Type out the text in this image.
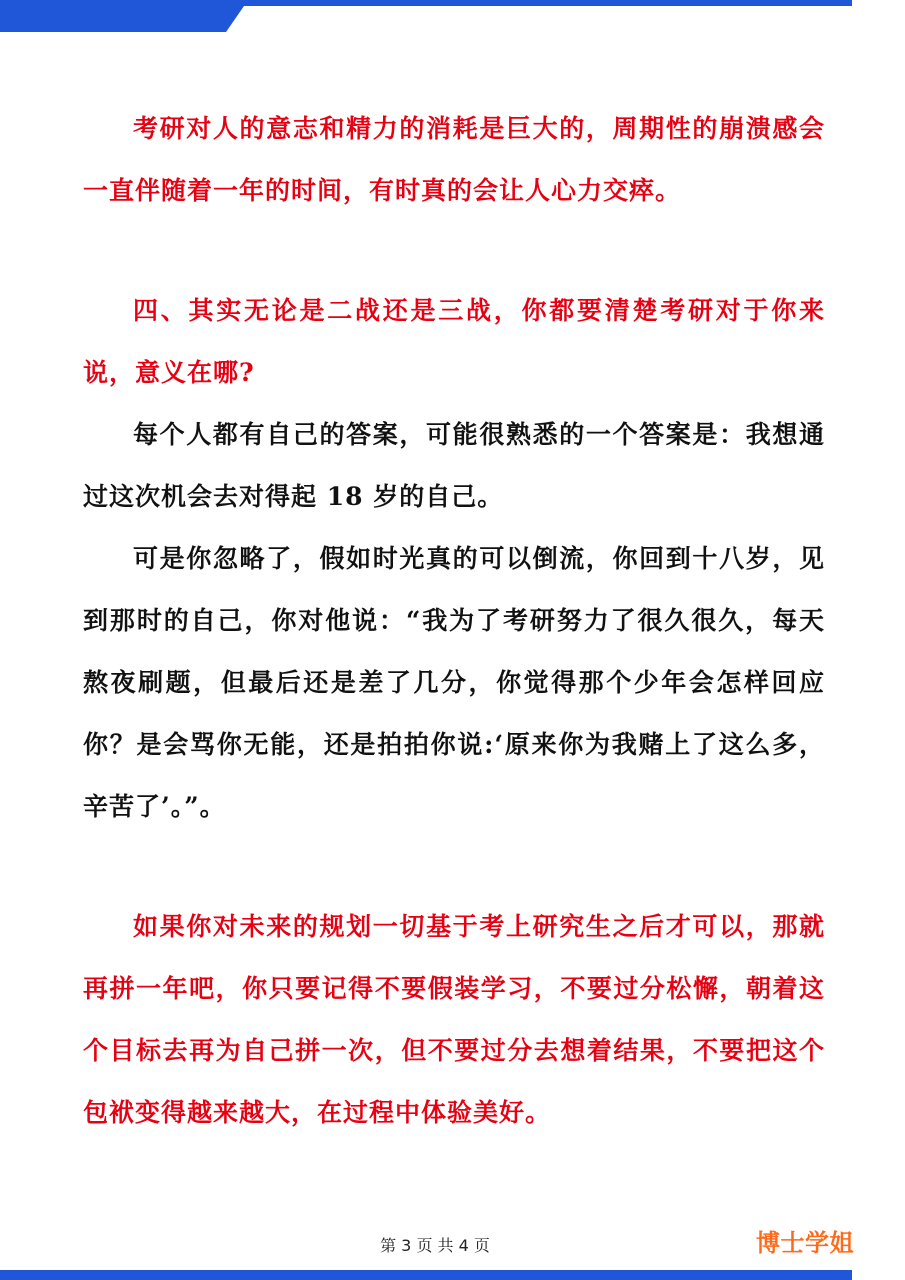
考研对人的意志和精力的消耗是巨大的，周期性的崩溃感会一直伴随着一年的时间，有时真的会让人心力交瘁。

四、其实无论是二战还是三战，你都要清楚考研对于你来说，意义在哪?

每个人都有自己的答案，可能很熟悉的一个答案是：我想通过这次机会去对得起 18 岁的自己。

可是你忽略了，假如时光真的可以倒流，你回到十八岁，见到那时的自己，你对他说：“我为了考研努力了很久很久，每天熬夜刷题，但最后还是差了几分，你觉得那个少年会怎样回应你？是会骂你无能，还是拍拍你说:‘原来你为我赌上了这么多，辛苦了’。”。

如果你对未来的规划一切基于考上研究生之后才可以，那就再拼一年吧，你只要记得不要假装学习，不要过分松懈，朝着这个目标去再为自己拼一次，但不要过分去想着结果，不要把这个包袱变得越来越大，在过程中体验美好。

第 3 页 共 4 页	博士学姐
